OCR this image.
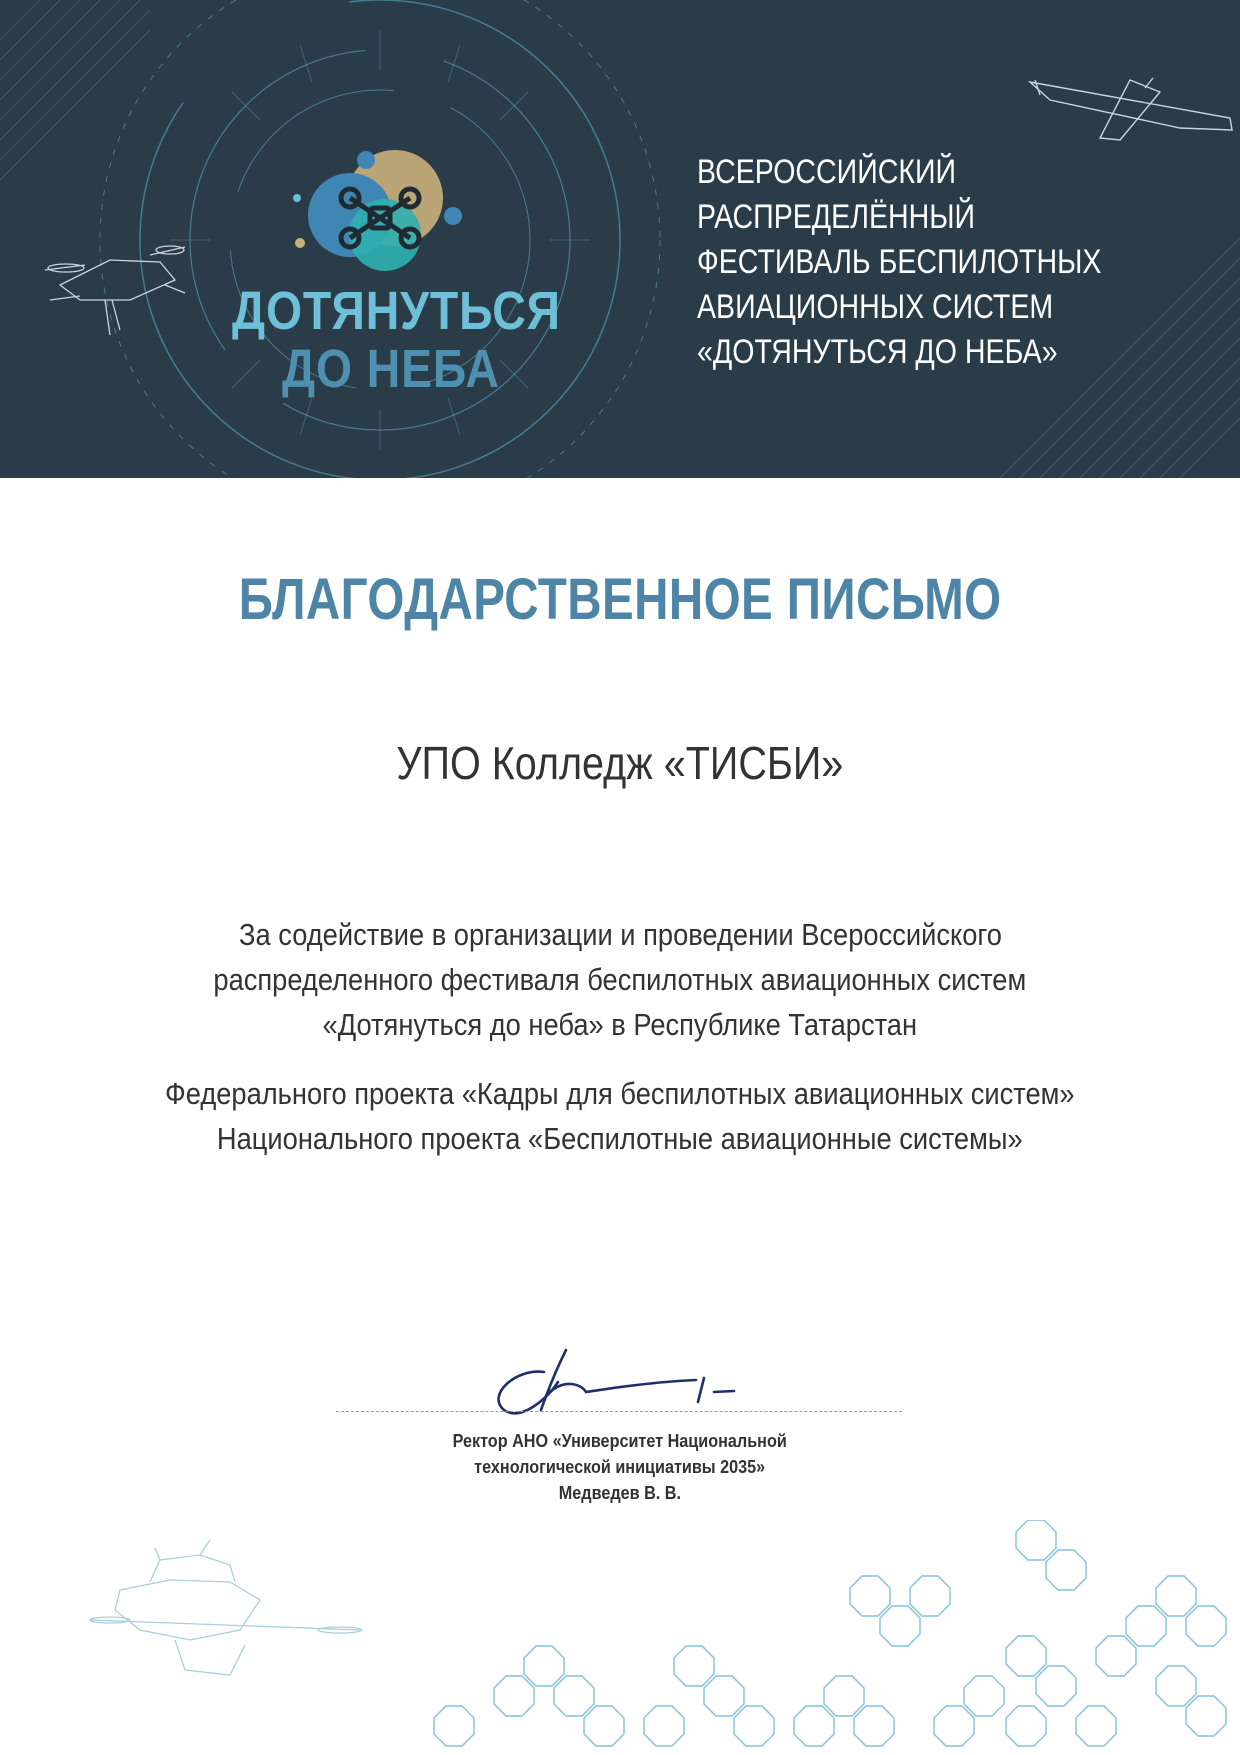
ДОТЯНУТЬСЯ
ДО НЕБА
ВСЕРОССИЙСКИЙ
РАСПРЕДЕЛЁННЫЙ
ФЕСТИВАЛЬ БЕСПИЛОТНЫХ
АВИАЦИОННЫХ СИСТЕМ
«ДОТЯНУТЬСЯ ДО НЕБА»
БЛАГОДАРСТВЕННОЕ ПИСЬМО
УПО Колледж «ТИСБИ»
За содействие в организации и проведении Всероссийского
распределенного фестиваля беспилотных авиационных систем
«Дотянуться до неба» в Республике Татарстан
Федерального проекта «Кадры для беспилотных авиационных систем»
Национального проекта «Беспилотные авиационные системы»
Ректор АНО «Университет Национальной
технологической инициативы 2035»
Медведев В. В.
